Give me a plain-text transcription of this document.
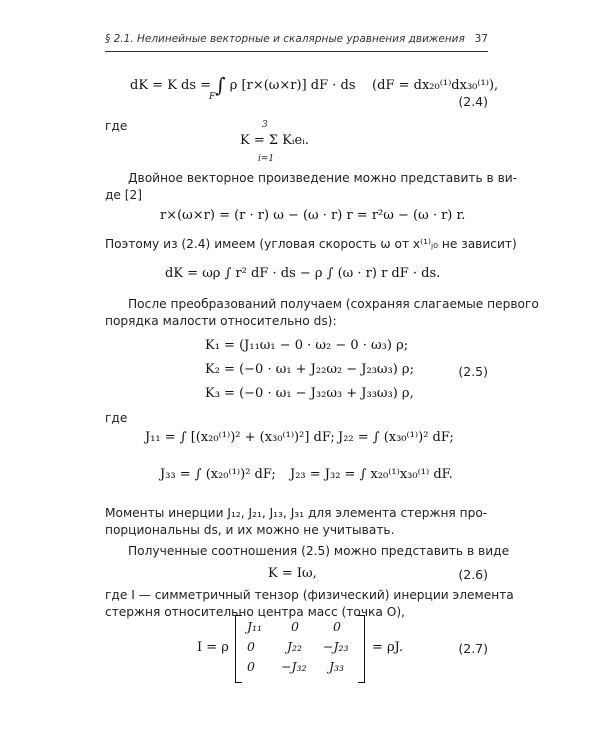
§ 2.1. Нелинейные векторные и скалярные уравнения движения 37
dK = K ds = ∫ ρ [r×(ω×r)] dF · ds (dF = dx₂₀⁽¹⁾dx₃₀⁽¹⁾),
F	(2.4)
где	3
K = Σ Kᵢeᵢ.
i=1
Двойное векторное произведение можно представить в ви-
де [2]
r×(ω×r) = (r · r) ω − (ω · r) r = r²ω − (ω · r) r.
Поэтому из (2.4) имеем (угловая скорость ω от x⁽¹⁾ⱼ₀ не зависит)
dK = ωρ ∫ r² dF · ds − ρ ∫ (ω · r) r dF · ds.
После преобразований получаем (сохраняя слагаемые первого
порядка малости относительно ds):
K₁ = (J₁₁ω₁ − 0 · ω₂ − 0 · ω₃) ρ;
K₂ = (−0 · ω₁ + J₂₂ω₂ − J₂₃ω₃) ρ;	(2.5)
K₃ = (−0 · ω₁ − J₃₂ω₃ + J₃₃ω₃) ρ,
где
J₁₁ = ∫ [(x₂₀⁽¹⁾)² + (x₃₀⁽¹⁾)²] dF; J₂₂ = ∫ (x₃₀⁽¹⁾)² dF;
J₃₃ = ∫ (x₂₀⁽¹⁾)² dF; J₂₃ = J₃₂ = ∫ x₂₀⁽¹⁾x₃₀⁽¹⁾ dF.
Моменты инерции J₁₂, J₂₁, J₁₃, J₃₁ для элемента стержня про-
порциональны ds, и их можно не учитывать.
Полученные соотношения (2.5) можно представить в виде
K = Iω,	(2.6)
где I — симметричный тензор (физический) инерции элемента
стержня относительно центра масс (точка O),
I = ρ
J₁₁ 0	0
0	J₂₂ −J₂₃
0 −J₃₂ J₃₃
= ρJ.	(2.7)
